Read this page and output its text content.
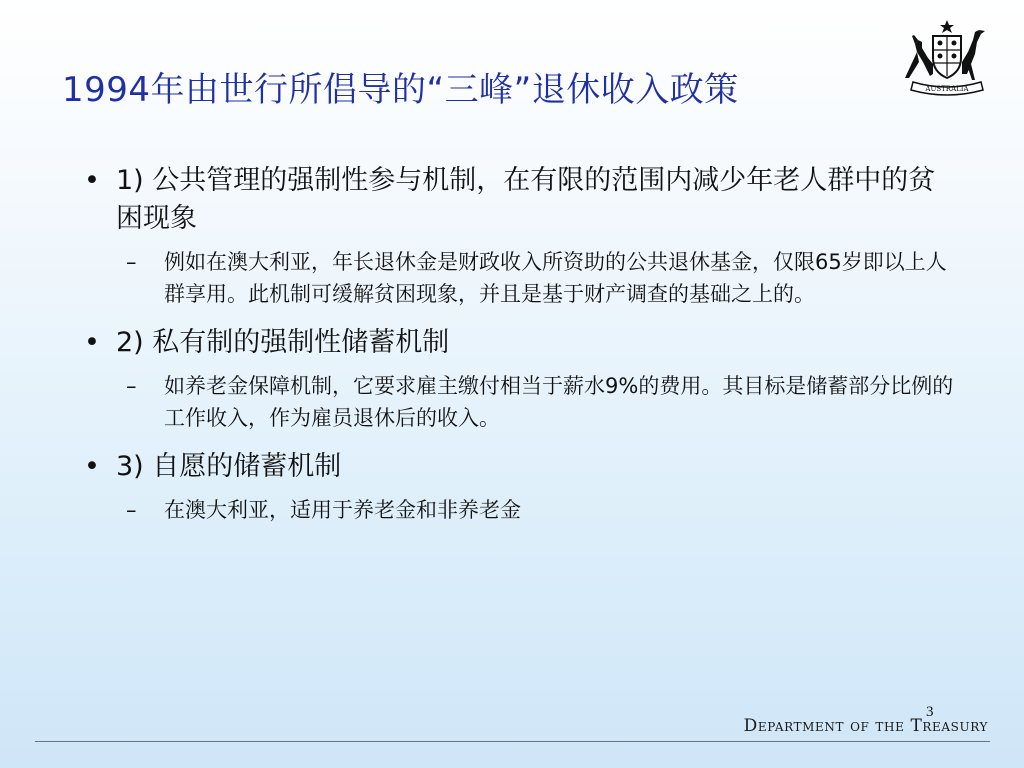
1994年由世行所倡导的“三峰”退休收入政策	AUSTRALIA
• 1) 公共管理的强制性参与机制，在有限的范围内减少年老人群中的贫困现象
– 例如在澳大利亚，年长退休金是财政收入所资助的公共退休基金，仅限65岁即以上人群享用。此机制可缓解贫困现象，并且是基于财产调查的基础之上的。
• 2) 私有制的强制性储蓄机制
– 如养老金保障机制，它要求雇主缴付相当于薪水9%的费用。其目标是储蓄部分比例的工作收入，作为雇员退休后的收入。
• 3) 自愿的储蓄机制
– 在澳大利亚，适用于养老金和非养老金
3
Department of the Treasury
